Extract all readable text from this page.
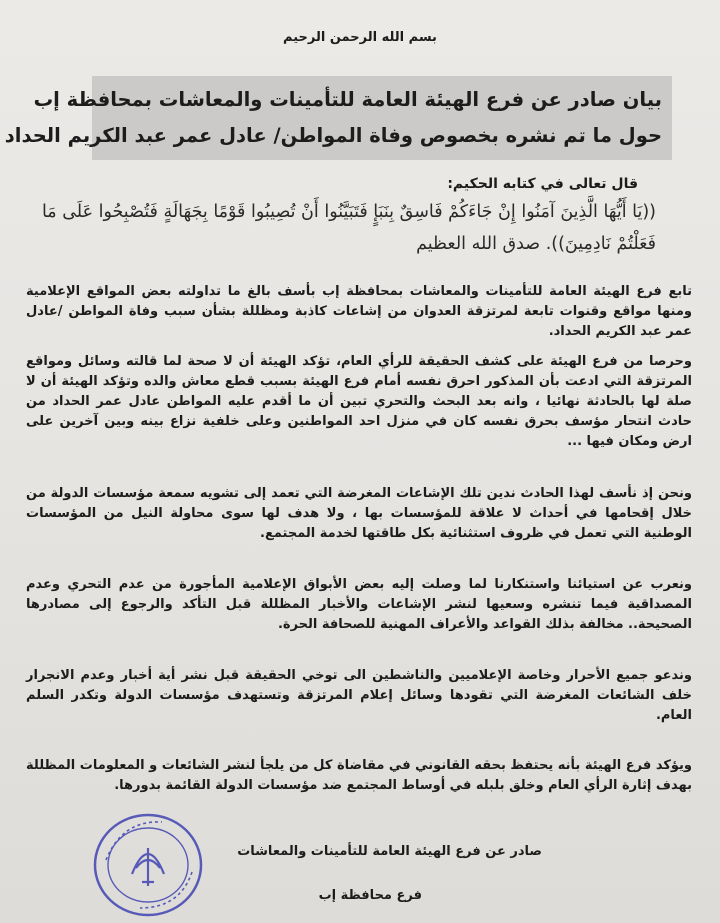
بسم الله الرحمن الرحيم
بيان صادر عن فرع الهيئة العامة للتأمينات والمعاشات بمحافظة إب
حول ما تم نشره بخصوص وفاة المواطن/ عادل عمر عبد الكريم الحداد
قال تعالى في كتابه الحكيم:
((يَا أَيُّهَا الَّذِينَ آمَنُوا إِنْ جَاءَكُمْ فَاسِقٌ بِنَبَإٍ فَتَبَيَّنُوا أَنْ تُصِيبُوا قَوْمًا بِجَهَالَةٍ فَتُصْبِحُوا عَلَى مَا فَعَلْتُمْ نَادِمِينَ)). صدق الله العظيم
تابع فرع الهيئة العامة للتأمينات والمعاشات بمحافظة إب بأسف بالغ ما تداولته بعض المواقع الإعلامية ومنها مواقع وقنوات تابعة لمرتزقة العدوان من إشاعات كاذبة ومظللة بشأن سبب وفاة المواطن /عادل عمر عبد الكريم الحداد.
وحرصا من فرع الهيئة على كشف الحقيقة للرأي العام، تؤكد الهيئة أن لا صحة لما قالته وسائل ومواقع المرتزقة التي ادعت بأن المذكور احرق نفسه أمام فرع الهيئة بسبب قطع معاش والده وتؤكد الهيئة أن لا صلة لها بالحادثة نهائيا ، وانه بعد البحث والتحري تبين أن ما أقدم عليه المواطن عادل عمر الحداد من حادث انتحار مؤسف بحرق نفسه كان في منزل احد المواطنين وعلى خلفية نزاع بينه وبين آخرين على ارض ومكان فيها ...
ونحن إذ نأسف لهذا الحادث ندين تلك الإشاعات المغرضة التي تعمد إلى تشويه سمعة مؤسسات الدولة من خلال إقحامها في أحداث لا علاقة للمؤسسات بها ، ولا هدف لها سوى محاولة النيل من المؤسسات الوطنية التي تعمل في ظروف استثنائية بكل طاقتها لخدمة المجتمع.
ونعرب عن استيائنا واستنكارنا لما وصلت إليه بعض الأبواق الإعلامية المأجورة من عدم التحري وعدم المصداقية فيما تنشره وسعيها لنشر الإشاعات والأخبار المظللة قبل التأكد والرجوع إلى مصادرها الصحيحة.. مخالفة بذلك القواعد والأعراف المهنية للصحافة الحرة.
وندعو جميع الأحرار وخاصة الإعلاميين والناشطين الى توخي الحقيقة قبل نشر أية أخبار وعدم الانجرار خلف الشائعات المغرضة التي تقودها وسائل إعلام المرتزقة وتستهدف مؤسسات الدولة وتكدر السلم العام.
ويؤكد فرع الهيئة بأنه يحتفظ بحقه القانوني في مقاضاة كل من يلجأ لنشر الشائعات و المعلومات المظللة بهدف إثارة الرأي العام وخلق بلبله في أوساط المجتمع ضد مؤسسات الدولة القائمة بدورها.
صادر عن فرع الهيئة العامة للتأمينات والمعاشات
فرع محافظة إب
